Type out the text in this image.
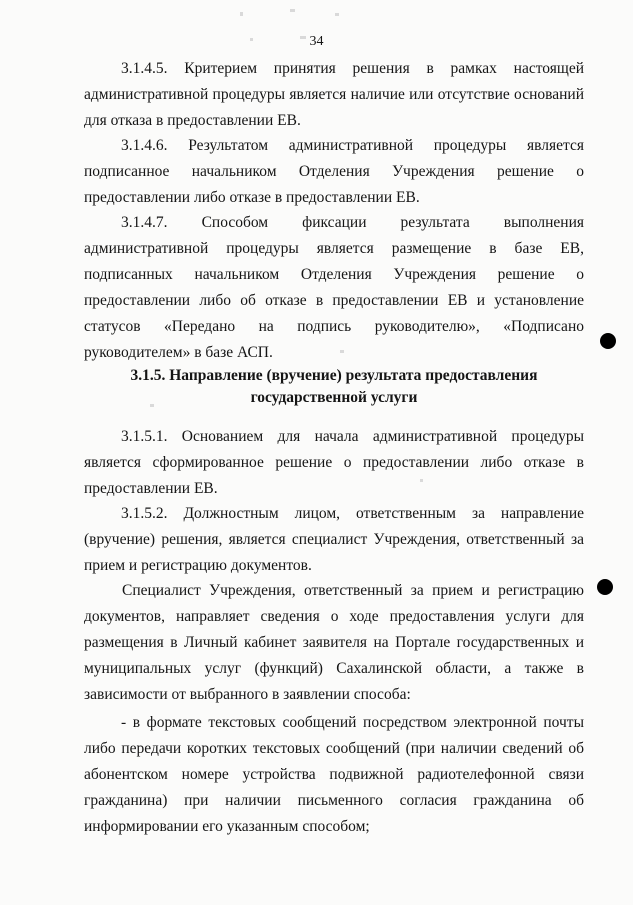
34

3.1.4.5. Критерием принятия решения в рамках настоящей административной процедуры является наличие или отсутствие оснований для отказа в предоставлении ЕВ.

3.1.4.6. Результатом административной процедуры является подписанное начальником Отделения Учреждения решение о предоставлении либо отказе в предоставлении ЕВ.

3.1.4.7. Способом фиксации результата выполнения административной процедуры является размещение в базе ЕВ, подписанных начальником Отделения Учреждения решение о предоставлении либо об отказе в предоставлении ЕВ и установление статусов «Передано на подпись руководителю», «Подписано руководителем» в базе АСП.

3.1.5. Направление (вручение) результата предоставления
государственной услуги

3.1.5.1. Основанием для начала административной процедуры является сформированное решение о предоставлении либо отказе в предоставлении ЕВ.

3.1.5.2. Должностным лицом, ответственным за направление (вручение) решения, является специалист Учреждения, ответственный за прием и регистрацию документов.

Специалист Учреждения, ответственный за прием и регистрацию документов, направляет сведения о ходе предоставления услуги для размещения в Личный кабинет заявителя на Портале государственных и муниципальных услуг (функций) Сахалинской области, а также в зависимости от выбранного в заявлении способа:

- в формате текстовых сообщений посредством электронной почты либо передачи коротких текстовых сообщений (при наличии сведений об абонентском номере устройства подвижной радиотелефонной связи гражданина) при наличии письменного согласия гражданина об информировании его указанным способом;
